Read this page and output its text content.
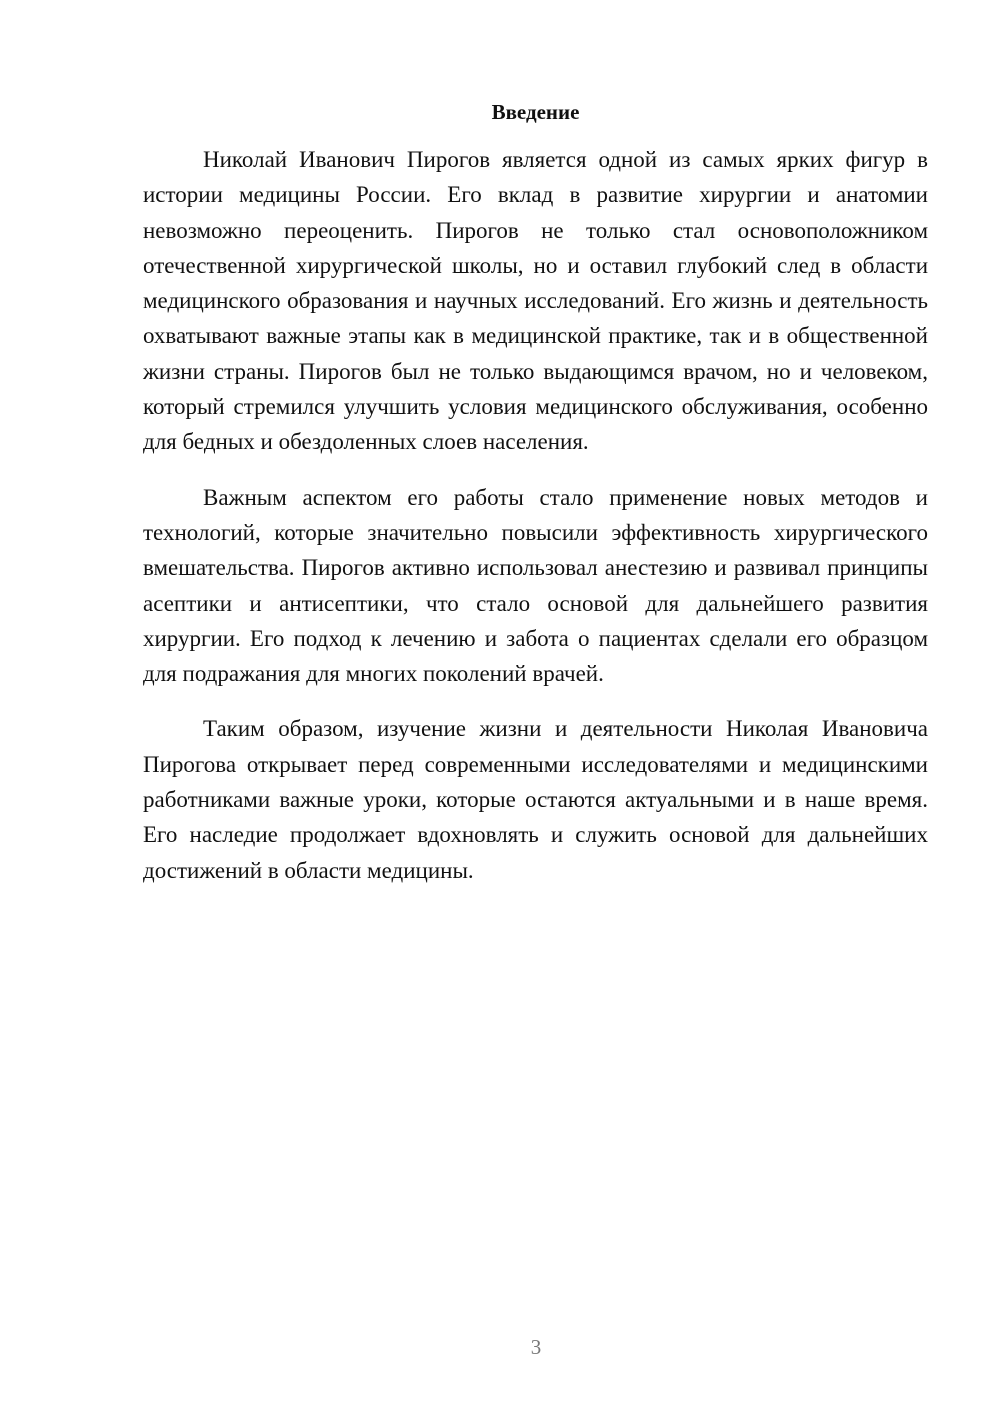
Введение

Николай Иванович Пирогов является одной из самых ярких фигур в истории медицины России. Его вклад в развитие хирургии и анатомии невозможно переоценить. Пирогов не только стал основоположником отечественной хирургической школы, но и оставил глубокий след в области медицинского образования и научных исследований. Его жизнь и деятельность охватывают важные этапы как в медицинской практике, так и в общественной жизни страны. Пирогов был не только выдающимся врачом, но и человеком, который стремился улучшить условия медицинского обслуживания, особенно для бедных и обездоленных слоев населения.

Важным аспектом его работы стало применение новых методов и технологий, которые значительно повысили эффективность хирургического вмешательства. Пирогов активно использовал анестезию и развивал принципы асептики и антисептики, что стало основой для дальнейшего развития хирургии. Его подход к лечению и забота о пациентах сделали его образцом для подражания для многих поколений врачей.

Таким образом, изучение жизни и деятельности Николая Ивановича Пирогова открывает перед современными исследователями и медицинскими работниками важные уроки, которые остаются актуальными и в наше время. Его наследие продолжает вдохновлять и служить основой для дальнейших достижений в области медицины.

3
